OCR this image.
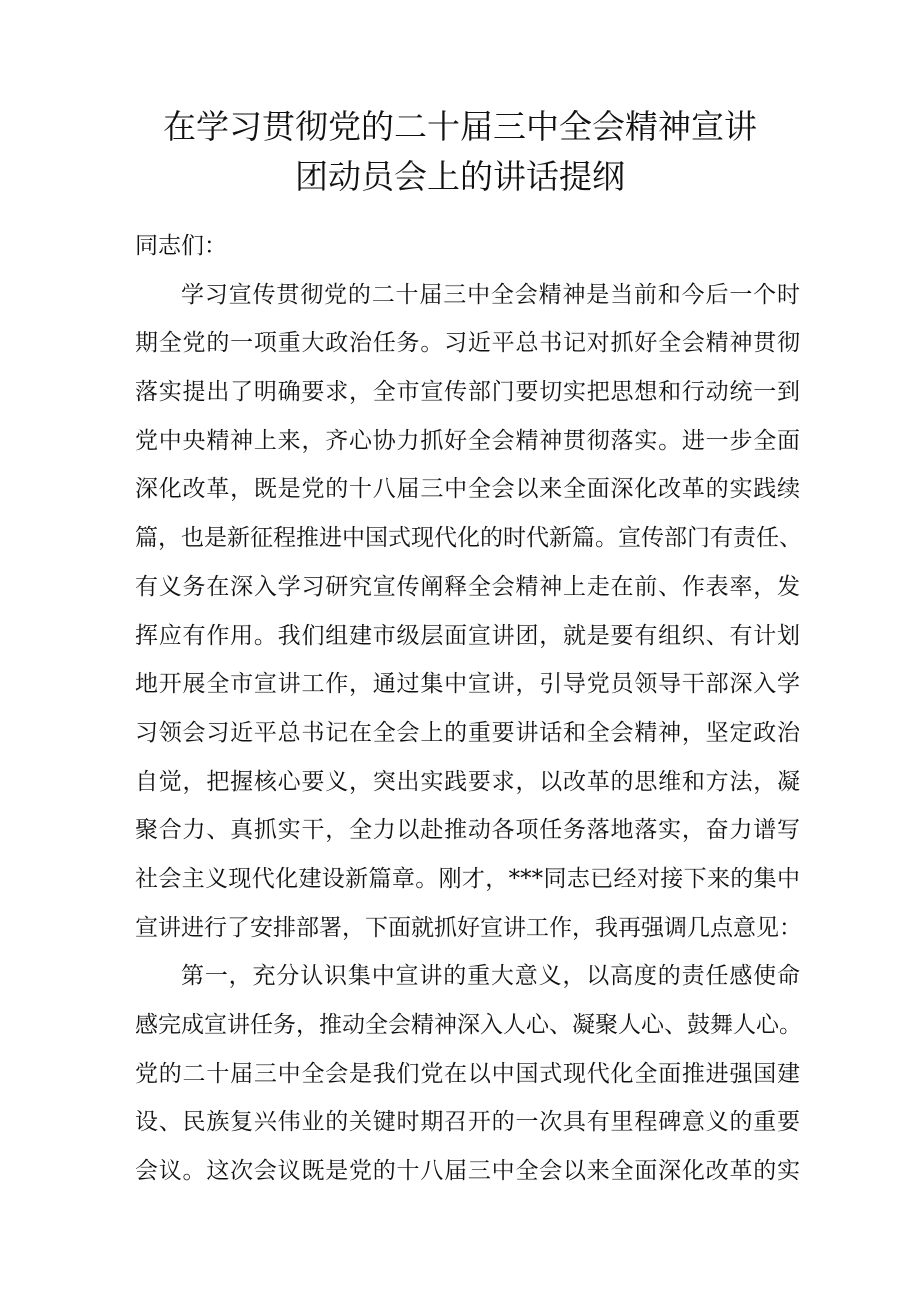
在学习贯彻党的二十届三中全会精神宣讲
团动员会上的讲话提纲
同志们：
学习宣传贯彻党的二十届三中全会精神是当前和今后一个时
期全党的一项重大政治任务。习近平总书记对抓好全会精神贯彻
落实提出了明确要求，全市宣传部门要切实把思想和行动统一到
党中央精神上来，齐心协力抓好全会精神贯彻落实。进一步全面
深化改革，既是党的十八届三中全会以来全面深化改革的实践续
篇，也是新征程推进中国式现代化的时代新篇。宣传部门有责任、
有义务在深入学习研究宣传阐释全会精神上走在前、作表率，发
挥应有作用。我们组建市级层面宣讲团，就是要有组织、有计划
地开展全市宣讲工作，通过集中宣讲，引导党员领导干部深入学
习领会习近平总书记在全会上的重要讲话和全会精神，坚定政治
自觉，把握核心要义，突出实践要求，以改革的思维和方法，凝
聚合力、真抓实干，全力以赴推动各项任务落地落实，奋力谱写
社会主义现代化建设新篇章。刚才，***同志已经对接下来的集中
宣讲进行了安排部署，下面就抓好宣讲工作，我再强调几点意见：
第一，充分认识集中宣讲的重大意义，以高度的责任感使命
感完成宣讲任务，推动全会精神深入人心、凝聚人心、鼓舞人心。
党的二十届三中全会是我们党在以中国式现代化全面推进强国建
设、民族复兴伟业的关键时期召开的一次具有里程碑意义的重要
会议。这次会议既是党的十八届三中全会以来全面深化改革的实
